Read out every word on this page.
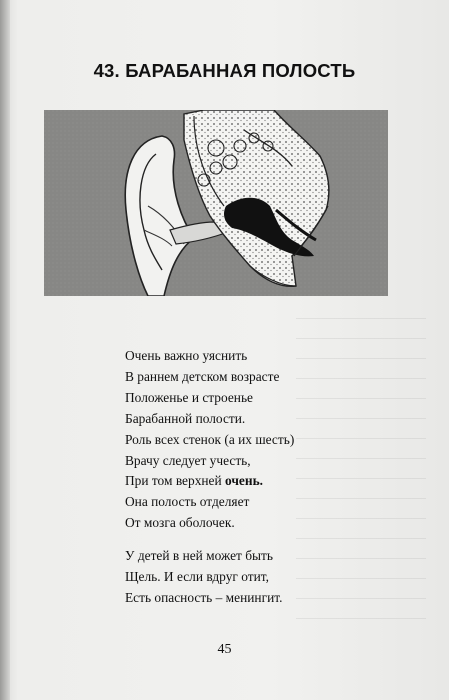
43. БАРАБАННАЯ ПОЛОСТЬ
Очень важно уяснить
В раннем детском возрасте
Положенье и строенье
Барабанной полости.
Роль всех стенок (а их шесть)
Врачу следует учесть,
При том верхней очень.
Она полость отделяет
От мозга оболочек.
У детей в ней может быть
Щель. И если вдруг отит,
Есть опасность – менингит.
45
